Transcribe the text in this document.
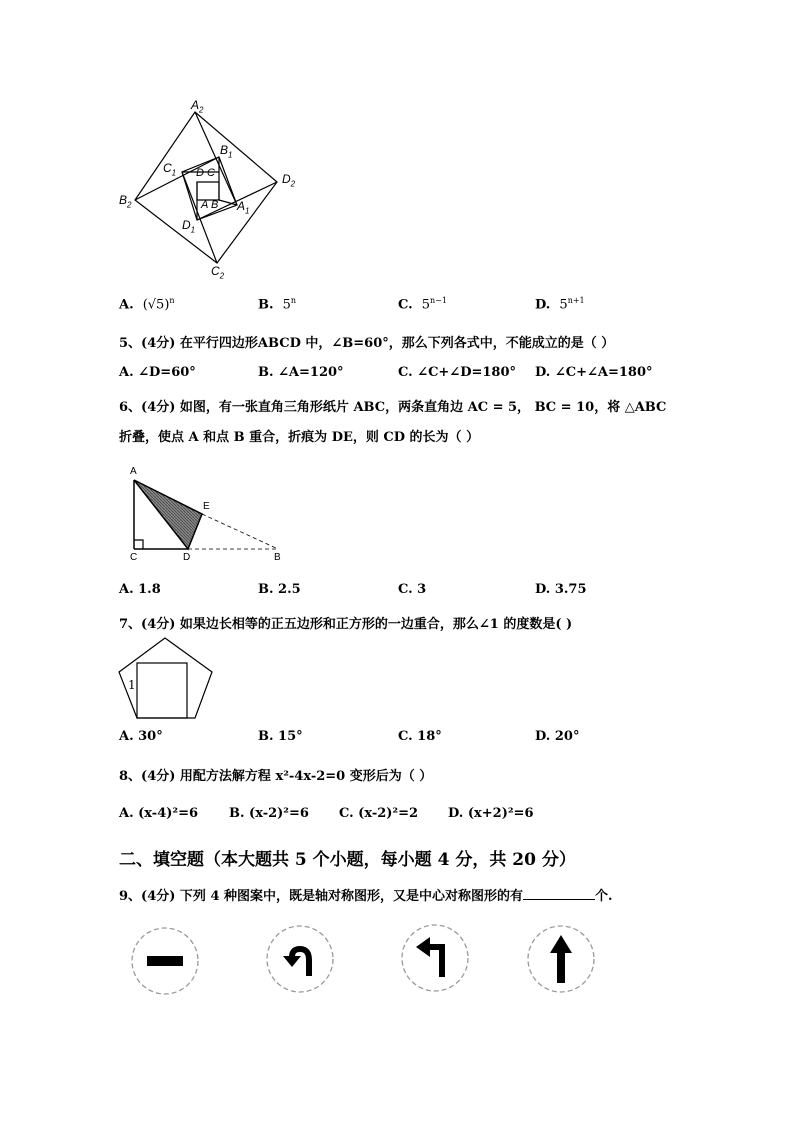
$A_2$
$B_1$
$C_1$	$D_2$
$B_2$	$A_1$
$D_1$
$C_2$
D C
A B
A. $(√5)^n$	B. 5$^n$	C. $5^{n-1}$	D. $5^{n+1}$
5、(4分) 在平行四边形ABCD 中，∠B=60°，那么下列各式中，不能成立的是（ ）
A. ∠D=60°	B. ∠A=120°	C. ∠C+∠D=180° D. ∠C+∠A=180°
6、(4分) 如图，有一张直角三角形纸片 ABC，两条直角边 AC = 5， BC = 10，将 △ABC
折叠，使点 A 和点 B 重合，折痕为 DE，则 CD 的长为（ ）
A
E
C	D	B
A. 1.8	B. 2.5	C. 3	D. 3.75
7、(4分) 如果边长相等的正五边形和正方形的一边重合，那么∠1 的度数是( )
1
A. 30°	B. 15°	C. 18°	D. 20°
8、(4分) 用配方法解方程 x²-4x-2=0 变形后为（ ）
A. (x-4)²=6 B. (x-2)²=6 C. (x-2)²=2 D. (x+2)²=6
二、填空题（本大题共 5 个小题，每小题 4 分，共 20 分）
9、(4分) 下列 4 种图案中，既是轴对称图形，又是中心对称图形的有	个.
